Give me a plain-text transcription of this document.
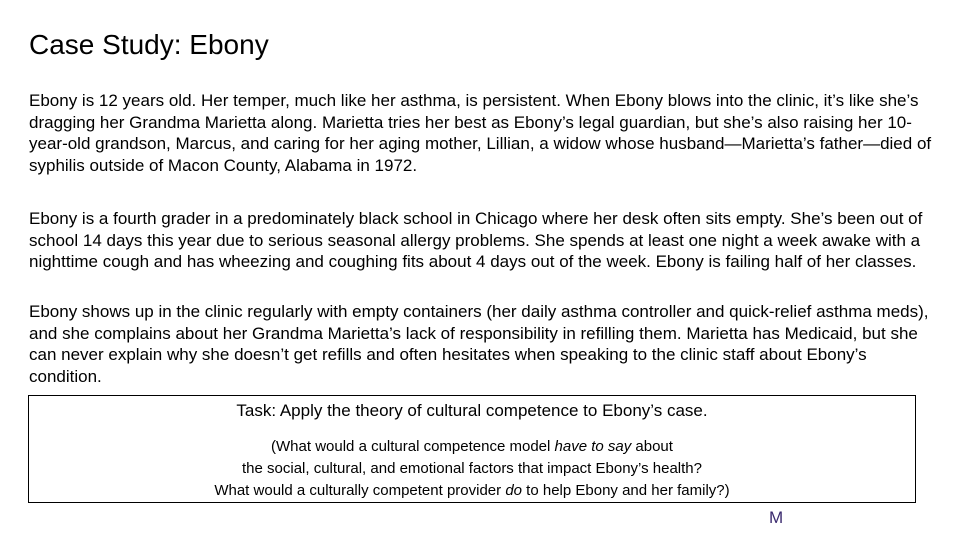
Case Study: Ebony
Ebony is 12 years old. Her temper, much like her asthma, is persistent. When Ebony blows into the clinic, it’s like she’s dragging her Grandma Marietta along. Marietta tries her best as Ebony’s legal guardian, but she’s also raising her 10-year-old grandson, Marcus, and caring for her aging mother, Lillian, a widow whose husband—Marietta’s father—died of syphilis outside of Macon County, Alabama in 1972.
Ebony is a fourth grader in a predominately black school in Chicago where her desk often sits empty. She’s been out of school 14 days this year due to serious seasonal allergy problems. She spends at least one night a week awake with a nighttime cough and has wheezing and coughing fits about 4 days out of the week. Ebony is failing half of her classes.
Ebony shows up in the clinic regularly with empty containers (her daily asthma controller and quick-relief asthma meds), and she complains about her Grandma Marietta’s lack of responsibility in refilling them. Marietta has Medicaid, but she can never explain why she doesn’t get refills and often hesitates when speaking to the clinic staff about Ebony’s condition.
Task: Apply the theory of cultural competence to Ebony’s case.
(What would a cultural competence model have to say about
the social, cultural, and emotional factors that impact Ebony’s health?
What would a culturally competent provider do to help Ebony and her family?)
M
